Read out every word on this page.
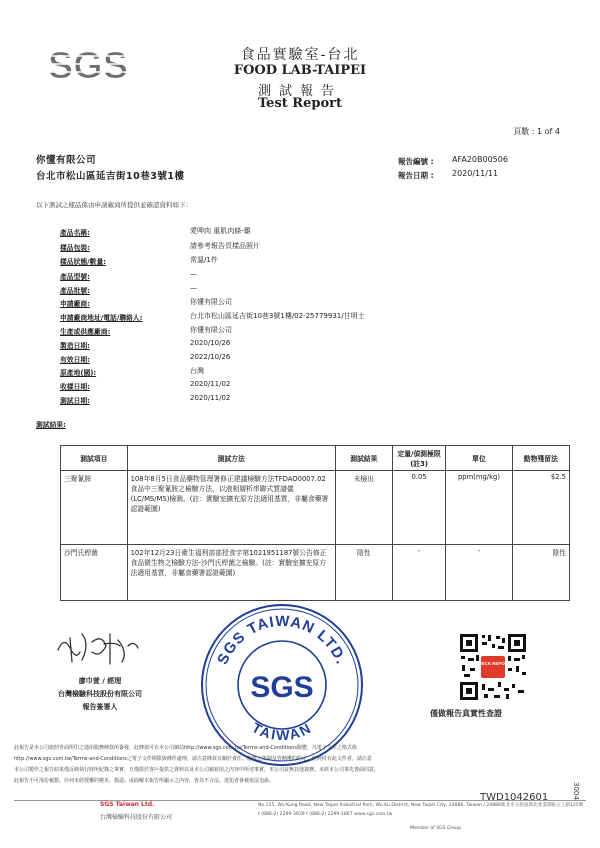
SGS	食品實驗室-台北
FOOD LAB-TAIPEI
測試報告
Test Report
頁數 : 1 of 4
你懂有限公司
台北市松山區延吉街10巷3號1樓
報告編號 : AFA20B00506
報告日期 : 2020/11/11
以下測試之樣品係由申請廠商所提供並確認資料如下：
產品名稱:	愛呷肉 重肌肉條-雞
樣品包裝:	請參考報告頁樣品照片
樣品狀態/數量:	常溫/1件
產品型號:	—
產品批號:	—
申請廠商:	你懂有限公司
申請廠商地址/電話/聯絡人:	台北市松山區延吉街10巷3號1樓/02-25779931/甘明士
生產或供應廠商:	你懂有限公司
製造日期:	2020/10/26
有效日期:	2022/10/26
原產地(國):	台灣
收樣日期:	2020/11/02
測試日期:	2020/11/02
測試結果:
測試項目	測試方法	測試結果	定量/偵測極限(註3)	單位	動物殘留法
三聚氰胺	108年8月5日食品藥物管理署修正建議檢驗方法TFDAO0007.02食品中三聚氰胺之檢驗方法，以液相層析串聯式質譜儀(LC/MS/MS)檢測。(註：實驗室擴充原方法適用基質，非屬食藥署認證範圍)	未檢出	0.05	ppm(mg/kg)	$2.5
沙門氏桿菌	102年12月23日衛生福利部部授食字第1021951187號公告修正食品微生物之檢驗方法-沙門氏桿菌之檢驗。(註：實驗室擴充原方法適用基質，非屬食藥署認證範圍)	陰性	-	-	陰性
廖巾萱 / 經理
台灣檢驗科技股份有限公司
報告簽署人
SGS TAIWAN LTD.
TAIWAN
SGS
CHECK REPORT
僅做報告真實性查證
此報告是本公司依照背面所印之通用服務條款所簽發，此條款可在本公司網站http://www.sgs.com.tw/Terms-and-Conditions閱覽，凡電子文件之格式依
http://www.sgs.com.tw/Terms-and-Conditions之電子文件期限與條件處理。請注意條款有關於責任、賠償之限制及管轄權的約定。任何持有此文件者，請注意
本公司製作之報告結果僅反映執行時所紀錄之事實，且僅限於客戶提供之資料以及本公司被雇用之內容中所述事實，本公司並無其他義務。未經本公司事先書面同意，
此報告不可部份複製。任何未經授權的變更、偽造、或曲解本報告所顯示之內容，皆為不合法，違犯者會被依法追訴。
SGS Taiwan Ltd.
台灣檢驗科技股份有限公司
No.125, Wu Kung Road, New Taipei Industrial Park, Wu Ku District, New Taipei City, 24886, Taiwan / 24886新北市五股區新北產業園區五工路125號
t (886-2) 2299-3939 f (886-2) 2299-1867 www.sgs.com.tw
TWD1042601
Member of SGS Group
3004
